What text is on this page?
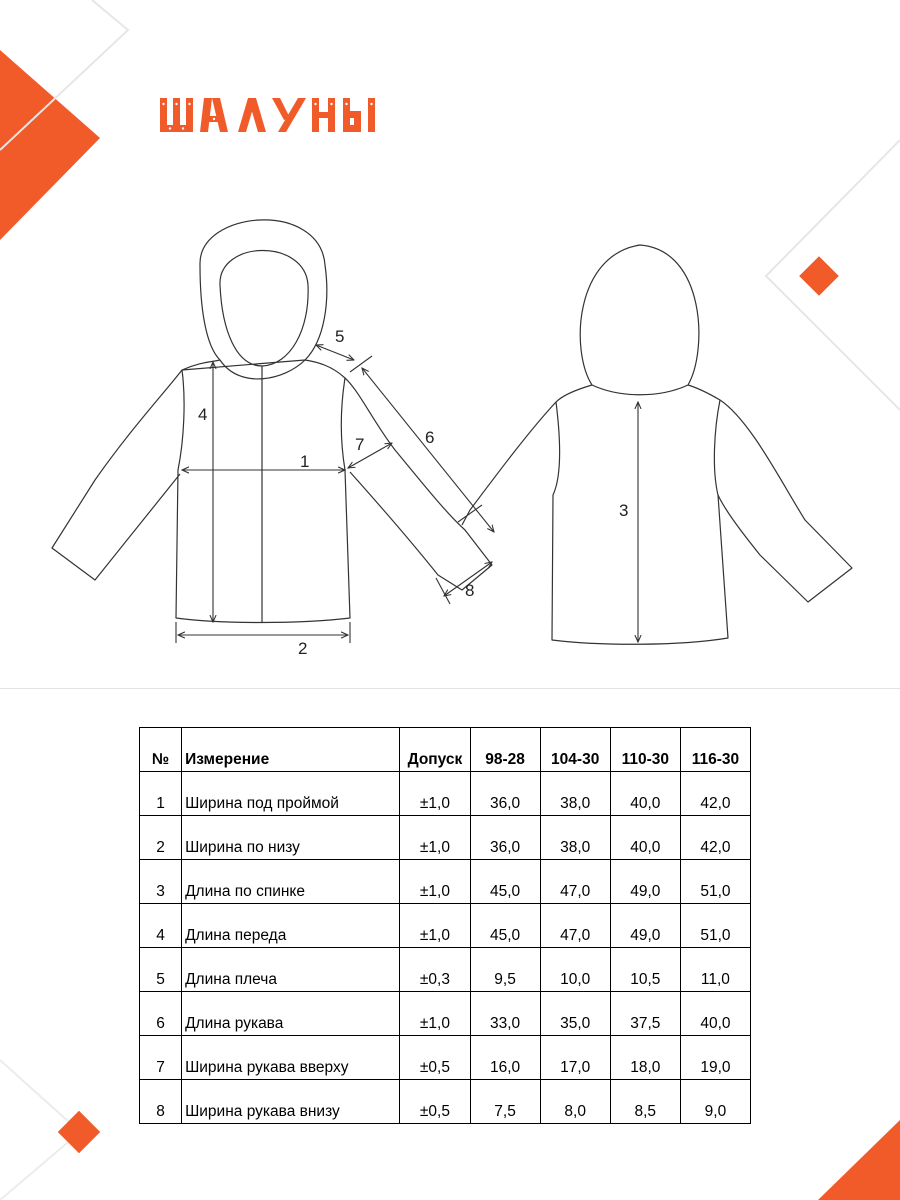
1
2
4
5
6
7
8
3
№	Измерение	Допуск	98-28	104-30	110-30	116-30
1	Ширина под проймой	±1,0	36,0	38,0	40,0	42,0
2	Ширина по низу	±1,0	36,0	38,0	40,0	42,0
3	Длина по спинке	±1,0	45,0	47,0	49,0	51,0
4	Длина переда	±1,0	45,0	47,0	49,0	51,0
5	Длина плеча	±0,3	9,5	10,0	10,5	11,0
6	Длина рукава	±1,0	33,0	35,0	37,5	40,0
7	Ширина рукава вверху	±0,5	16,0	17,0	18,0	19,0
8	Ширина рукава внизу	±0,5	7,5	8,0	8,5	9,0
